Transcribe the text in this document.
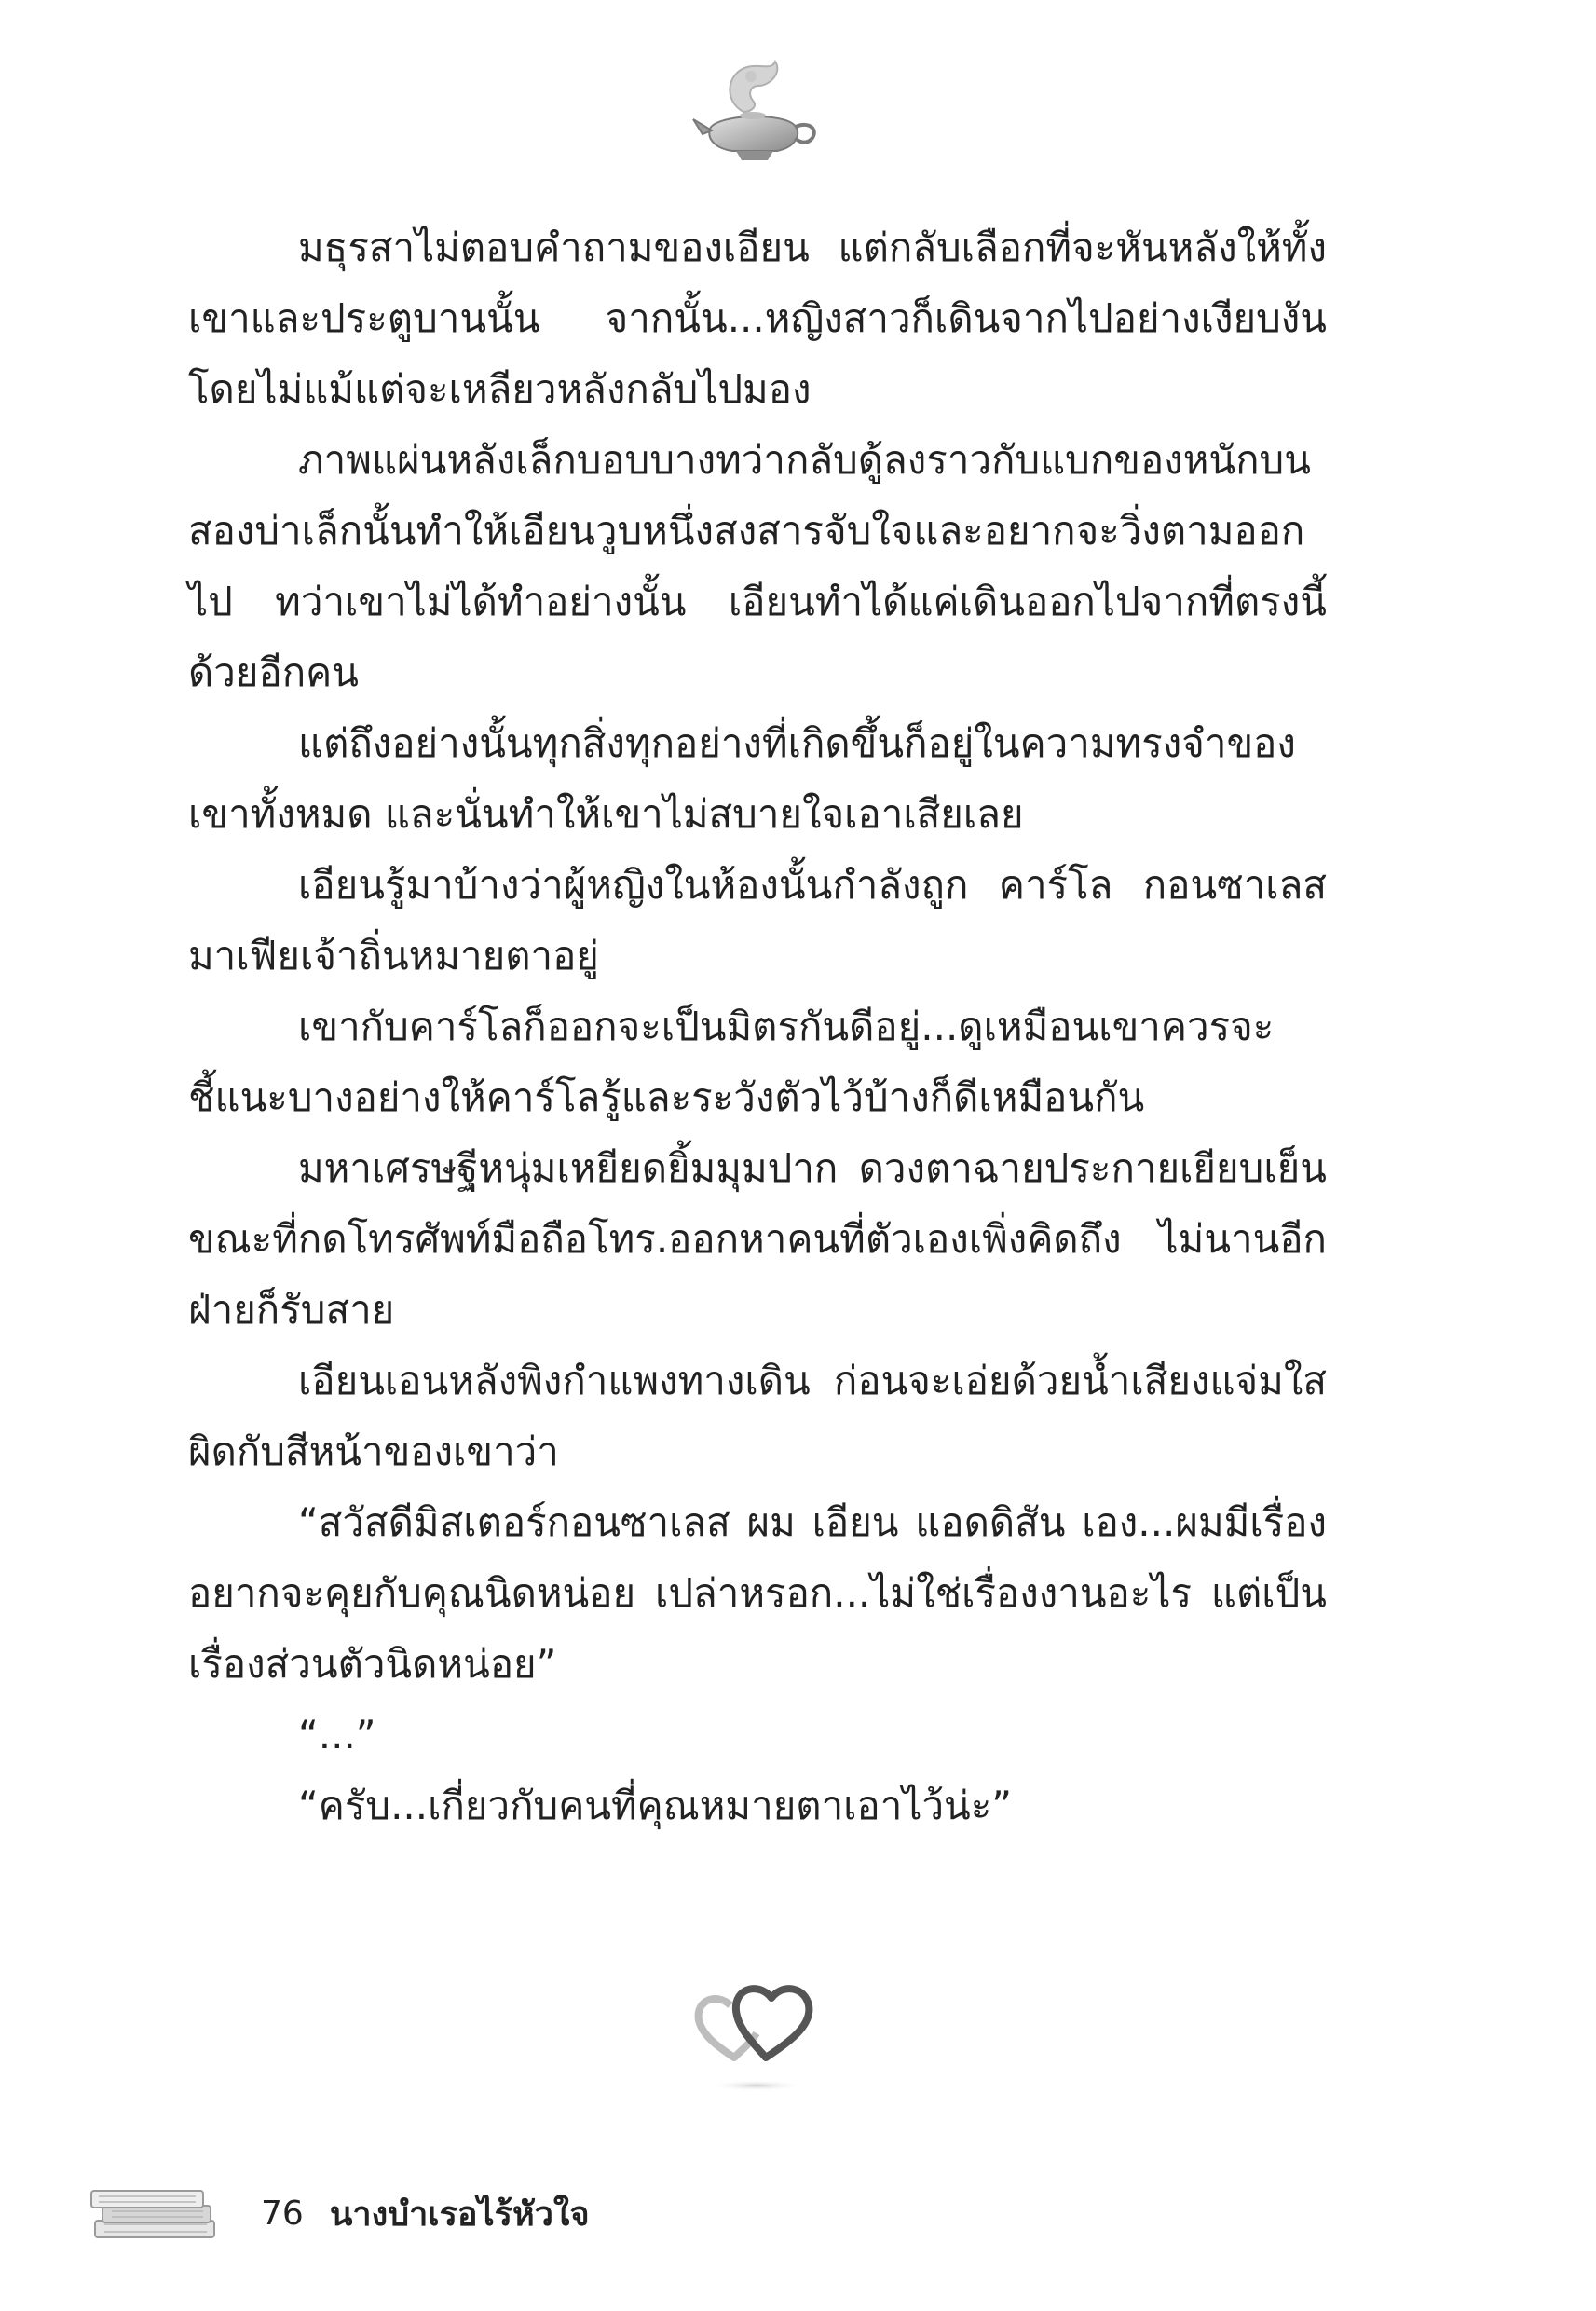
มธุรสาไม่ตอบคำถามของเอียน แต่กลับเลือกที่จะหันหลังให้ทั้งเขาและประตูบานนั้น จากนั้น...หญิงสาวก็เดินจากไปอย่างเงียบงันโดยไม่แม้แต่จะเหลียวหลังกลับไปมอง

ภาพแผ่นหลังเล็กบอบบางทว่ากลับดู้ลงราวกับแบกของหนักบนสองบ่าเล็กนั้นทำให้เอียนวูบหนึ่งสงสารจับใจและอยากจะวิ่งตามออกไป ทว่าเขาไม่ได้ทำอย่างนั้น เอียนทำได้แค่เดินออกไปจากที่ตรงนี้ด้วยอีกคน

แต่ถึงอย่างนั้นทุกสิ่งทุกอย่างที่เกิดขึ้นก็อยู่ในความทรงจำของเขาทั้งหมด และนั่นทำให้เขาไม่สบายใจเอาเสียเลย

เอียนรู้มาบ้างว่าผู้หญิงในห้องนั้นกำลังถูก คาร์โล กอนซาเลส มาเฟียเจ้าถิ่นหมายตาอยู่

เขากับคาร์โลก็ออกจะเป็นมิตรกันดีอยู่...ดูเหมือนเขาควรจะชี้แนะบางอย่างให้คาร์โลรู้และระวังตัวไว้บ้างก็ดีเหมือนกัน

มหาเศรษฐีหนุ่มเหยียดยิ้มมุมปาก ดวงตาฉายประกายเยียบเย็นขณะที่กดโทรศัพท์มือถือโทร.ออกหาคนที่ตัวเองเพิ่งคิดถึง ไม่นานอีกฝ่ายก็รับสาย

เอียนเอนหลังพิงกำแพงทางเดิน ก่อนจะเอ่ยด้วยน้ำเสียงแจ่มใสผิดกับสีหน้าของเขาว่า

“สวัสดีมิสเตอร์กอนซาเลส ผม เอียน แอดดิสัน เอง...ผมมีเรื่องอยากจะคุยกับคุณนิดหน่อย เปล่าหรอก...ไม่ใช่เรื่องงานอะไร แต่เป็นเรื่องส่วนตัวนิดหน่อย”

“...”

“ครับ...เกี่ยวกับคนที่คุณหมายตาเอาไว้น่ะ”

76 นางบำเรอไร้หัวใจ
